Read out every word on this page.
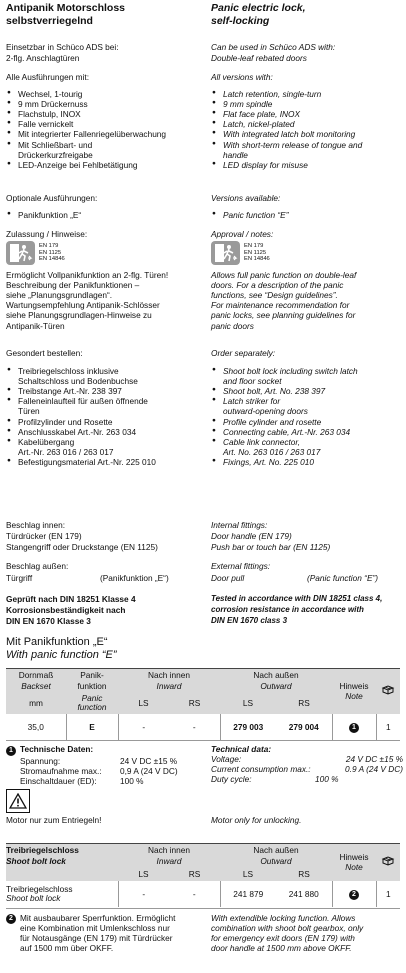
Antipanik Motorschloss

selbstverriegelnd

Einsetzbar in Schüco ADS bei:

2-flg. Anschlagtüren

Alle Ausführungen mit:

● Wechsel, 1-tourig
● 9 mm Drückernuss
● Flachstulp, INOX
● Falle vernickelt
● Mit integrierter Fallenriegelüberwachung
● Mit Schließbart- und Drückerkurzfreigabe
● LED-Anzeige bei Fehlbetätigung

Optionale Ausführungen:

● Panikfunktion „E“

Zulassung / Hinweise:

EN 179
EN 1125
EN 14846
Ermöglicht Vollpanikfunktion an 2-flg. Türen!
Beschreibung der Panikfunktionen –
siehe „Planungsgrundlagen“.
Wartungsempfehlung Antipanik-Schlösser
siehe Planungsgrundlagen-Hinweise zu
Antipanik-Türen

Gesondert bestellen:

● Treibriegelschloss inklusive
Schaltschloss und Bodenbuchse
● Treibstange Art.-Nr. 238 397
● Falleneinlaufteil für außen öffnende
Türen
● Profilzylinder und Rosette
● Anschlusskabel Art.-Nr. 263 034
● Kabelübergang
Art.-Nr. 263 016 / 263 017
● Befestigungsmaterial Art.-Nr. 225 010

Beschlag innen:

Türdrücker (EN 179)

Stangengriff oder Druckstange (EN 1125)

Beschlag außen:

Türgriff	(Panikfunktion „E“)

Geprüft nach DIN 18251 Klasse 4

Korrosionsbeständigkeit nach

DIN EN 1670 Klasse 3

Panic electric lock,

self-locking

Can be used in Schüco ADS with:

Double-leaf rebated doors

All versions with:

● Latch retention, single-turn
● 9 mm spindle
● Flat face plate, INOX
● Latch, nickel-plated
● With integrated latch bolt monitoring
● With short-term release of tongue and
handle
● LED display for misuse

Versions available:

● Panic function “E”

Approval / notes:

EN 179
EN 1125
EN 14846
Allows full panic function on double-leaf
doors. For a description of the panic
functions, see “Design guidelines”.
For maintenance recommendation for
panic locks, see planning guidelines for
panic doors

Order separately:

● Shoot bolt lock including switch latch
and floor socket
● Shoot bolt, Art. No. 238 397
● Latch striker for
outward-opening doors
● Profile cylinder and rosette
● Connecting cable, Art.-Nr. 263 034
● Cable link connector,
Art. No. 263 016 / 263 017
● Fixings, Art. No. 225 010

Internal fittings:

Door handle (EN 179)

Push bar or touch bar (EN 1125)

External fittings:

Door pull	(Panic function “E”)

Tested in accordance with DIN 18251 class 4,

corrosion resistance in accordance with

DIN EN 1670 class 3

Mit Panikfunktion „E“

With panic function “E”

Dornmaß	Panik-	Nach innen		Nach außen		Hinweis
Note

Backset	funktion	Inward		Outward			
mm	Panic
function	LS	RS	LS	RS		
35,0	E	-	-	279 003	279 004	1	1
1 Technische Daten:
Spannung:	24 V DC ±15 %
Stromaufnahme max.:	0,9 A (24 V DC)
Einschaltdauer (ED):	100 %
Technical data:
Voltage:	24 V DC ±15 %
Current consumption max.:	0.9 A (24 V DC)
Duty cycle:	100 %

Motor nur zum Entriegeln!	Motor only for unlocking.

Treibriegelschloss	Nach innen		Nach außen		Hinweis
Note

Shoot bolt lock	Inward		Outward			
	LS	RS	LS	RS		

Treibriegelschloss
Shoot bolt lock	-	-	241 879	241 880	2	1
2 Mit ausbaubarer Sperrfunktion. Ermöglicht
eine Kombination mit Umlenkschloss nur
für Notausgänge (EN 179) mit Türdrücker
auf 1500 mm über OKFF.
With extendible locking function. Allows
combination with shoot bolt gearbox, only
for emergency exit doors (EN 179) with
door handle at 1500 mm above OKFF.
